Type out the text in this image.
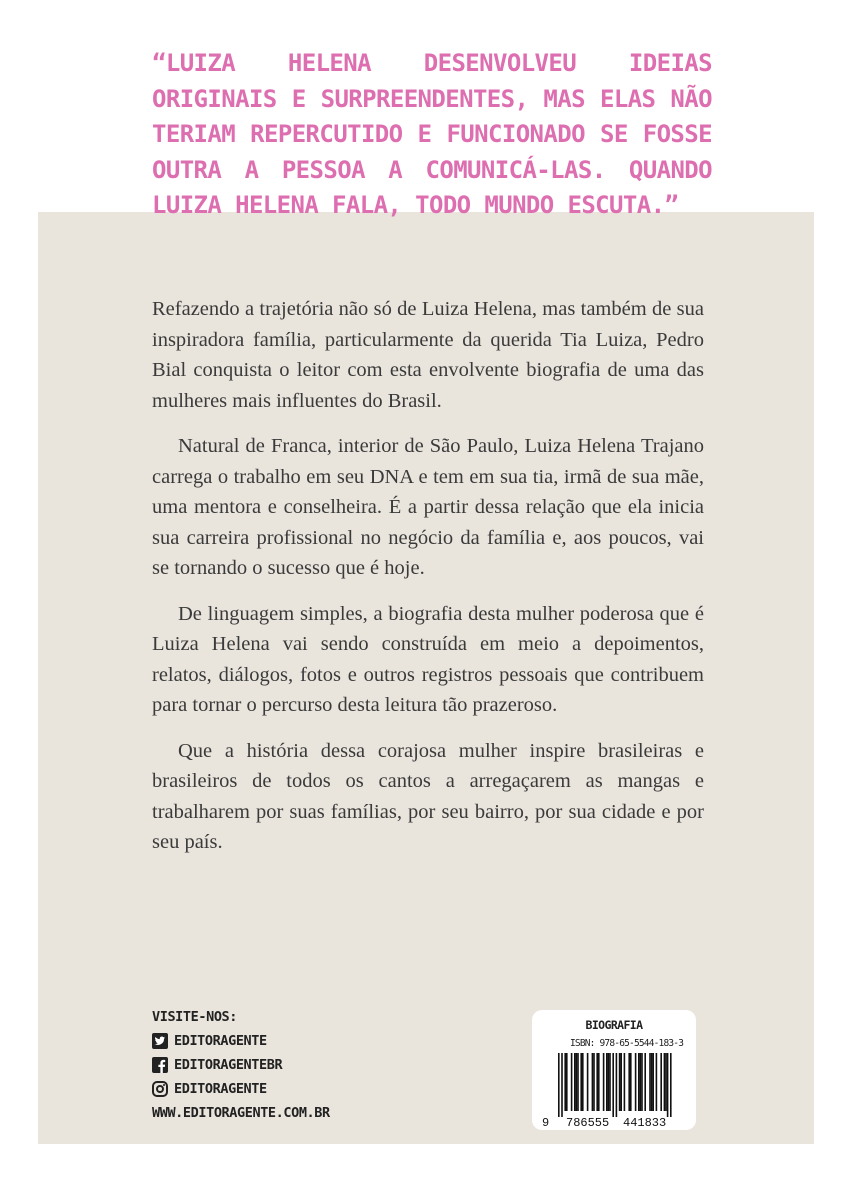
“LUIZA HELENA DESENVOLVEU IDEIAS ORIGINAIS E SURPREENDENTES, MAS ELAS NÃO TERIAM REPERCUTIDO E FUNCIONADO SE FOSSE OUTRA A PESSOA A COMUNICÁ-LAS. QUANDO LUIZA HELENA FALA, TODO MUNDO ESCUTA.”

Refazendo a trajetória não só de Luiza Helena, mas também de sua inspiradora família, particularmente da querida Tia Luiza, Pedro Bial conquista o leitor com esta envolvente biografia de uma das mulheres mais influentes do Brasil.

Natural de Franca, interior de São Paulo, Luiza Helena Trajano carrega o trabalho em seu DNA e tem em sua tia, irmã de sua mãe, uma mentora e conselheira. É a partir dessa relação que ela inicia sua carreira profissional no negócio da família e, aos poucos, vai se tornando o sucesso que é hoje.

De linguagem simples, a biografia desta mulher poderosa que é Luiza Helena vai sendo construída em meio a depoimentos, relatos, diálogos, fotos e outros registros pessoais que contribuem para tornar o percurso desta leitura tão prazeroso.

Que a história dessa corajosa mulher inspire brasileiras e brasileiros de todos os cantos a arregaçarem as mangas e trabalharem por suas famílias, por seu bairro, por sua cidade e por seu país.

VISITE-NOS:
EDITORAGENTE
EDITORAGENTEBR
EDITORAGENTE
WWW.EDITORAGENTE.COM.BR
BIOGRAFIA
ISBN: 978-65-5544-183-3
9 786555 441833
